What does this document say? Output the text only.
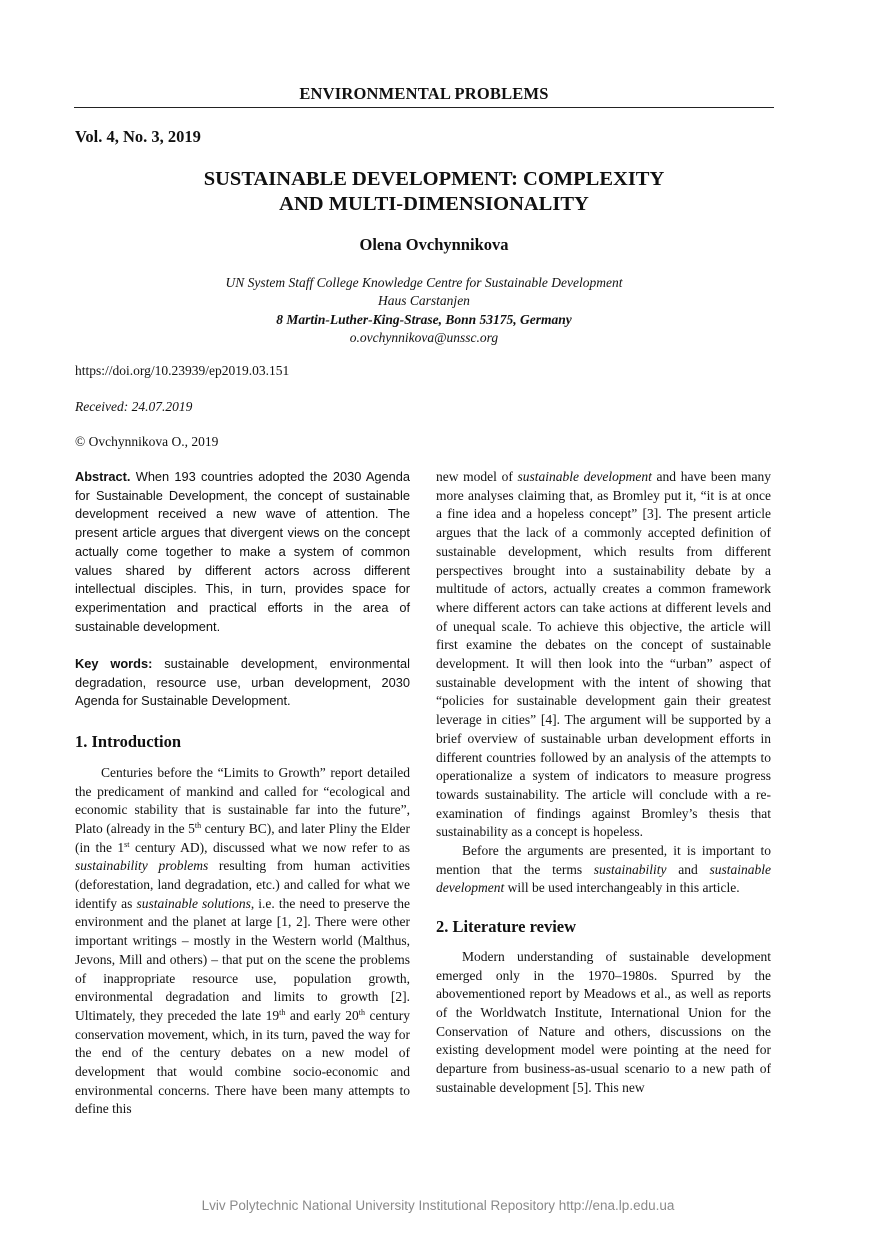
ENVIRONMENTAL PROBLEMS
Vol. 4, No. 3, 2019
SUSTAINABLE DEVELOPMENT: COMPLEXITY
AND MULTI-DIMENSIONALITY
Olena Ovchynnikova
UN System Staff College Knowledge Centre for Sustainable Development
Haus Carstanjen
8 Martin-Luther-King-Strase, Bonn 53175, Germany
o.ovchynnikova@unssc.org
https://doi.org/10.23939/ep2019.03.151
Received: 24.07.2019
© Ovchynnikova O., 2019

Abstract. When 193 countries adopted the 2030 Agenda for Sustainable Development, the concept of sustainable development received a new wave of attention. The present article argues that divergent views on the concept actually come together to make a system of common values shared by different actors across different intellectual disciples. This, in turn, provides space for experimentation and practical efforts in the area of sustainable development.

Key words: sustainable development, environmental degradation, resource use, urban development, 2030 Agenda for Sustainable Development.

1. Introduction

Centuries before the “Limits to Growth” report detailed the predicament of mankind and called for “ecological and economic stability that is sustainable far into the future”, Plato (already in the 5th century BC), and later Pliny the Elder (in the 1st century AD), discussed what we now refer to as sustainability problems resulting from human activities (deforestation, land degradation, etc.) and called for what we identify as sustainable solutions, i.e. the need to preserve the environment and the planet at large [1, 2]. There were other important writings – mostly in the Western world (Malthus, Jevons, Mill and others) – that put on the scene the problems of inappropriate resource use, population growth, environmental degradation and limits to growth [2]. Ultimately, they preceded the late 19th and early 20th century conservation movement, which, in its turn, paved the way for the end of the century debates on a new model of development that would combine socio-economic and environmental concerns. There have been many attempts to define this

new model of sustainable development and have been many more analyses claiming that, as Bromley put it, “it is at once a fine idea and a hopeless concept” [3]. The present article argues that the lack of a commonly accepted definition of sustainable development, which results from different perspectives brought into a sustainability debate by a multitude of actors, actually creates a common framework where different actors can take actions at different levels and of unequal scale. To achieve this objective, the article will first examine the debates on the concept of sustainable development. It will then look into the “urban” aspect of sustainable development with the intent of showing that “policies for sustainable development gain their greatest leverage in cities” [4]. The argument will be supported by a brief overview of sustainable urban development efforts in different countries followed by an analysis of the attempts to operationalize a system of indicators to measure progress towards sustainability. The article will conclude with a re-examination of findings against Bromley’s thesis that sustainability as a concept is hopeless.

Before the arguments are presented, it is important to mention that the terms sustainability and sustainable development will be used interchangeably in this article.

2. Literature review

Modern understanding of sustainable development emerged only in the 1970–1980s. Spurred by the abovementioned report by Meadows et al., as well as reports of the Worldwatch Institute, International Union for the Conservation of Nature and others, discussions on the existing development model were pointing at the need for departure from business-as-usual scenario to a new path of sustainable development [5]. This new

Lviv Polytechnic National University Institutional Repository http://ena.lp.edu.ua
